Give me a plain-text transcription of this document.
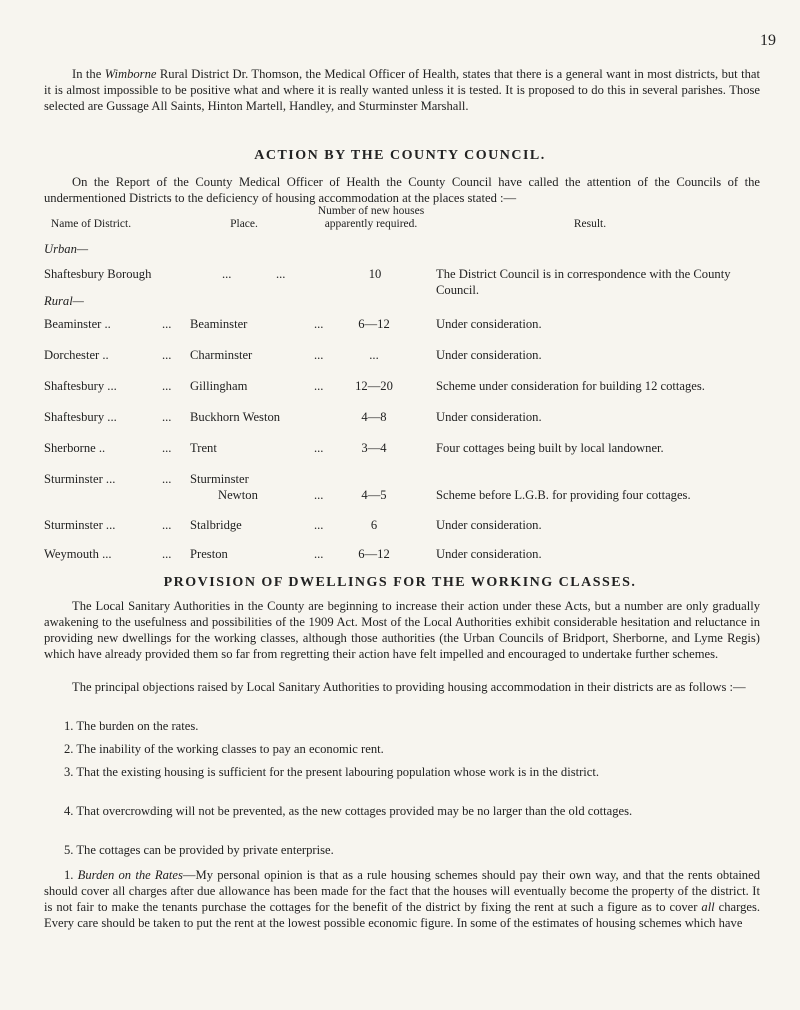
19

In the Wimborne Rural District Dr. Thomson, the Medical Officer of Health, states that there is a general want in most districts, but that it is almost impossible to be positive what and where it is really wanted unless it is tested. It is proposed to do this in several parishes. Those selected are Gussage All Saints, Hinton Martell, Handley, and Sturminster Marshall.

ACTION BY THE COUNTY COUNCIL.

On the Report of the County Medical Officer of Health the County Council have called the attention of the Councils of the undermentioned Districts to the deficiency of housing accommodation at the places stated :—

Name of District.	Place.
Number of new houses apparently required.	Result.
Urban—
Shaftesbury Borough	...	...	10	The District Council is in correspondence with the County Council.
Rural—
Beaminster ..	... Beaminster	...	6—12	Under consideration.
Dorchester ..	... Charminster	...	...	Under consideration.
Shaftesbury ...	... Gillingham	...	12—20	Scheme under consideration for building 12 cottages.
Shaftesbury ...	... Buckhorn Weston	4—8	Under consideration.
Sherborne ..	... Trent	...	3—4	Four cottages being built by local landowner.
Sturminster ...	... Sturminster
Newton	...	4—5	Scheme before L.G.B. for providing four cottages.
Sturminster ...	... Stalbridge	...	6	Under consideration.
Weymouth ...	... Preston	...	6—12	Under consideration.
PROVISION OF DWELLINGS FOR THE WORKING CLASSES.

The Local Sanitary Authorities in the County are beginning to increase their action under these Acts, but a number are only gradually awakening to the usefulness and possibilities of the 1909 Act. Most of the Local Authorities exhibit considerable hesitation and reluctance in providing new dwellings for the working classes, although those authorities (the Urban Councils of Bridport, Sherborne, and Lyme Regis) which have already provided them so far from regretting their action have felt impelled and encouraged to undertake further schemes.

The principal objections raised by Local Sanitary Authorities to providing housing accommodation in their districts are as follows :—

1. The burden on the rates.

2. The inability of the working classes to pay an economic rent.

3. That the existing housing is sufficient for the present labouring population whose work is in the district.

4. That overcrowding will not be prevented, as the new cottages provided may be no larger than the old cottages.

5. The cottages can be provided by private enterprise.

1. Burden on the Rates—My personal opinion is that as a rule housing schemes should pay their own way, and that the rents obtained should cover all charges after due allowance has been made for the fact that the houses will eventually become the property of the district. It is not fair to make the tenants purchase the cottages for the benefit of the district by fixing the rent at such a figure as to cover all charges. Every care should be taken to put the rent at the lowest possible economic figure. In some of the estimates of housing schemes which have
